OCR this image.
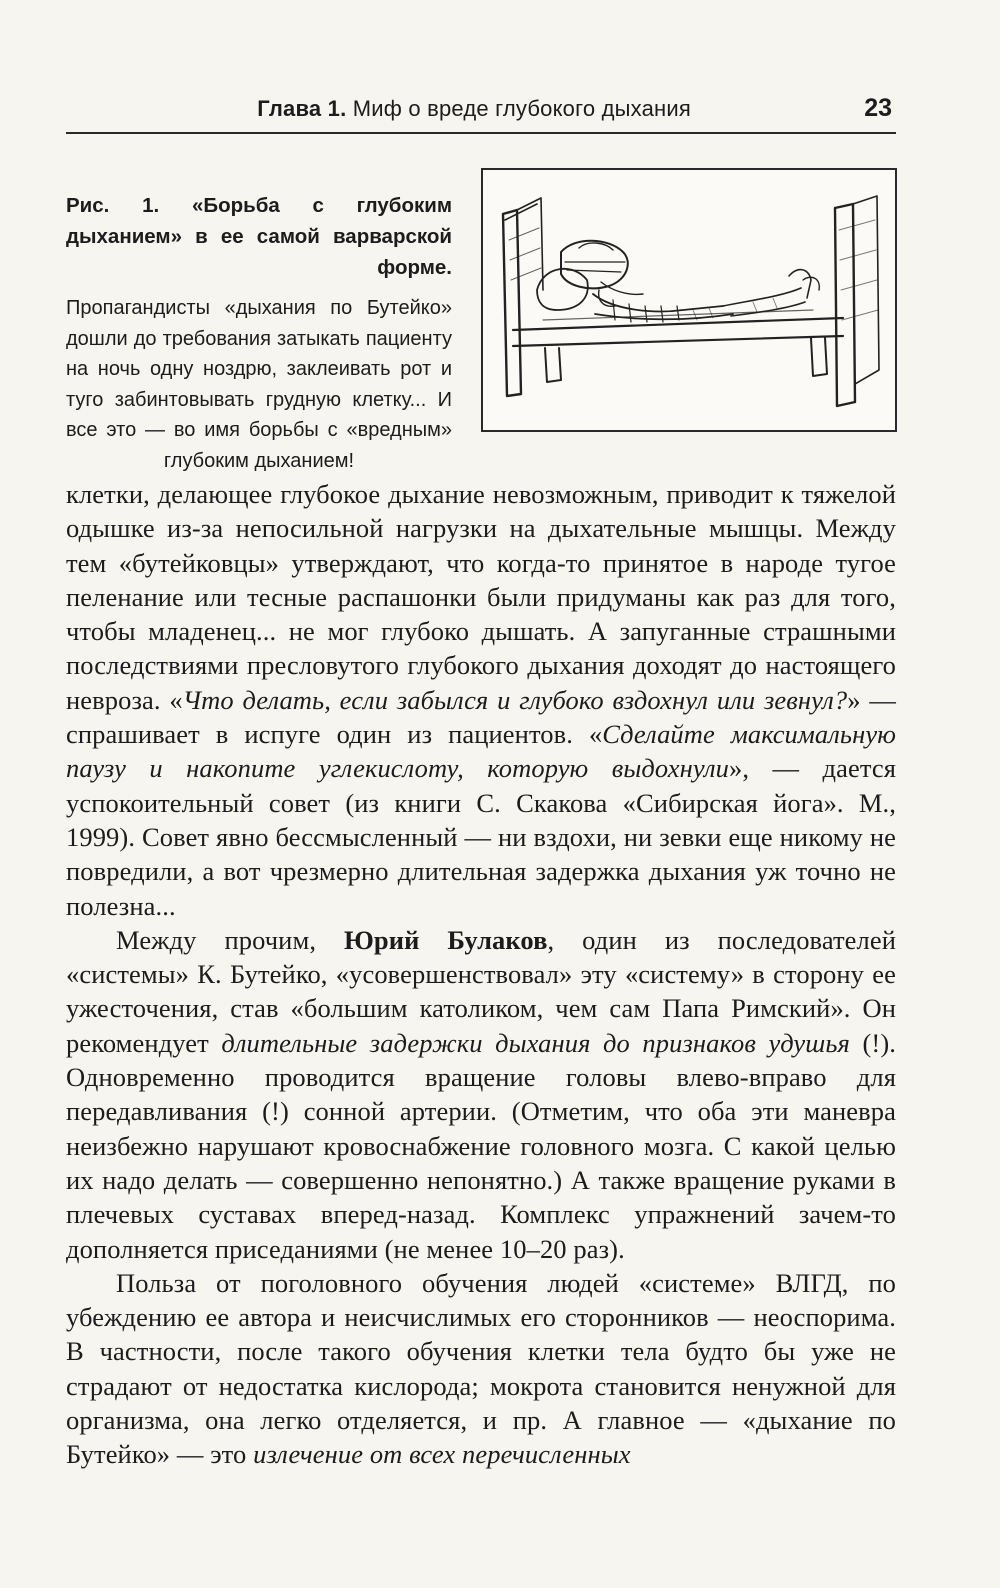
Глава 1. Миф о вреде глубокого дыхания	23

Рис. 1. «Борьба с глубоким дыханием» в ее самой варварской форме.

Пропагандисты «дыхания по Бутейко» дошли до требования затыкать пациенту на ночь одну ноздрю, заклеивать рот и туго забинтовывать грудную клетку... И все это — во имя борьбы с «вредным» глубоким дыханием!

клетки, делающее глубокое дыхание невозможным, приводит к тяжелой одышке из-за непосильной нагрузки на дыхательные мышцы. Между тем «бутейковцы» утверждают, что когда-то принятое в народе тугое пеленание или тесные распашонки были придуманы как раз для того, чтобы младенец... не мог глубоко дышать. А запуганные страшными последствиями пресловутого глубокого дыхания доходят до настоящего невроза. «Что делать, если забылся и глубоко вздохнул или зевнул?» — спрашивает в испуге один из пациентов. «Сделайте максимальную паузу и накопите углекислоту, которую выдохнули», — дается успокоительный совет (из книги С. Скакова «Сибирская йога». М., 1999). Совет явно бессмысленный — ни вздохи, ни зевки еще никому не повредили, а вот чрезмерно длительная задержка дыхания уж точно не полезна...

Между прочим, Юрий Булаков, один из последователей «системы» К. Бутейко, «усовершенствовал» эту «систему» в сторону ее ужесточения, став «большим католиком, чем сам Папа Римский». Он рекомендует длительные задержки дыхания до признаков удушья (!). Одновременно проводится вращение головы влево-вправо для передавливания (!) сонной артерии. (Отметим, что оба эти маневра неизбежно нарушают кровоснабжение головного мозга. С какой целью их надо делать — совершенно непонятно.) А также вращение руками в плечевых суставах вперед-назад. Комплекс упражнений зачем-то дополняется приседаниями (не менее 10–20 раз).

Польза от поголовного обучения людей «системе» ВЛГД, по убеждению ее автора и неисчислимых его сторонников — неоспорима. В частности, после такого обучения клетки тела будто бы уже не страдают от недостатка кислорода; мокрота становится ненужной для организма, она легко отделяется, и пр. А главное — «дыхание по Бутейко» — это излечение от всех перечисленных
